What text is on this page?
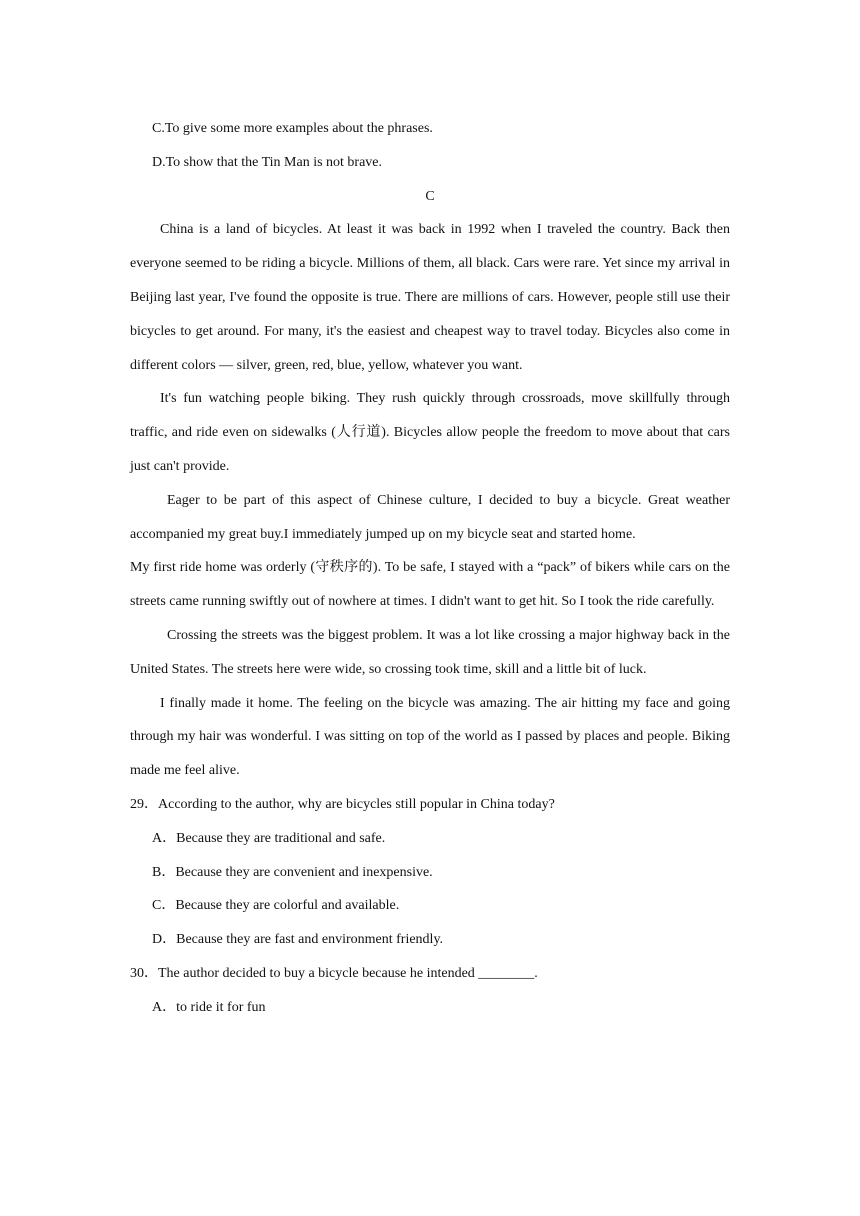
C.To give some more examples about the phrases.
D.To show that the Tin Man is not brave.
C
China is a land of bicycles. At least it was back in 1992 when I traveled the country. Back then everyone seemed to be riding a bicycle. Millions of them, all black. Cars were rare. Yet since my arrival in Beijing last year, I've found the opposite is true. There are millions of cars. However, people still use their bicycles to get around. For many, it's the easiest and cheapest way to travel today. Bicycles also come in different colors — silver, green, red, blue, yellow, whatever you want.
It's fun watching people biking. They rush quickly through crossroads, move skillfully through traffic, and ride even on sidewalks (人行道). Bicycles allow people the freedom to move about that cars just can't provide.
Eager to be part of this aspect of Chinese culture, I decided to buy a bicycle. Great weather accompanied my great buy.I immediately jumped up on my bicycle seat and started home.
My first ride home was orderly (守秩序的). To be safe, I stayed with a “pack” of bikers while cars on the streets came running swiftly out of nowhere at times. I didn't want to get hit. So I took the ride carefully.
Crossing the streets was the biggest problem. It was a lot like crossing a major highway back in the United States. The streets here were wide, so crossing took time, skill and a little bit of luck.
I finally made it home. The feeling on the bicycle was amazing. The air hitting my face and going through my hair was wonderful. I was sitting on top of the world as I passed by places and people. Biking made me feel alive.
29．According to the author, why are bicycles still popular in China today?
A．Because they are traditional and safe.
B．Because they are convenient and inexpensive.
C．Because they are colorful and available.
D．Because they are fast and environment friendly.
30．The author decided to buy a bicycle because he intended ________.
A．to ride it for fun
